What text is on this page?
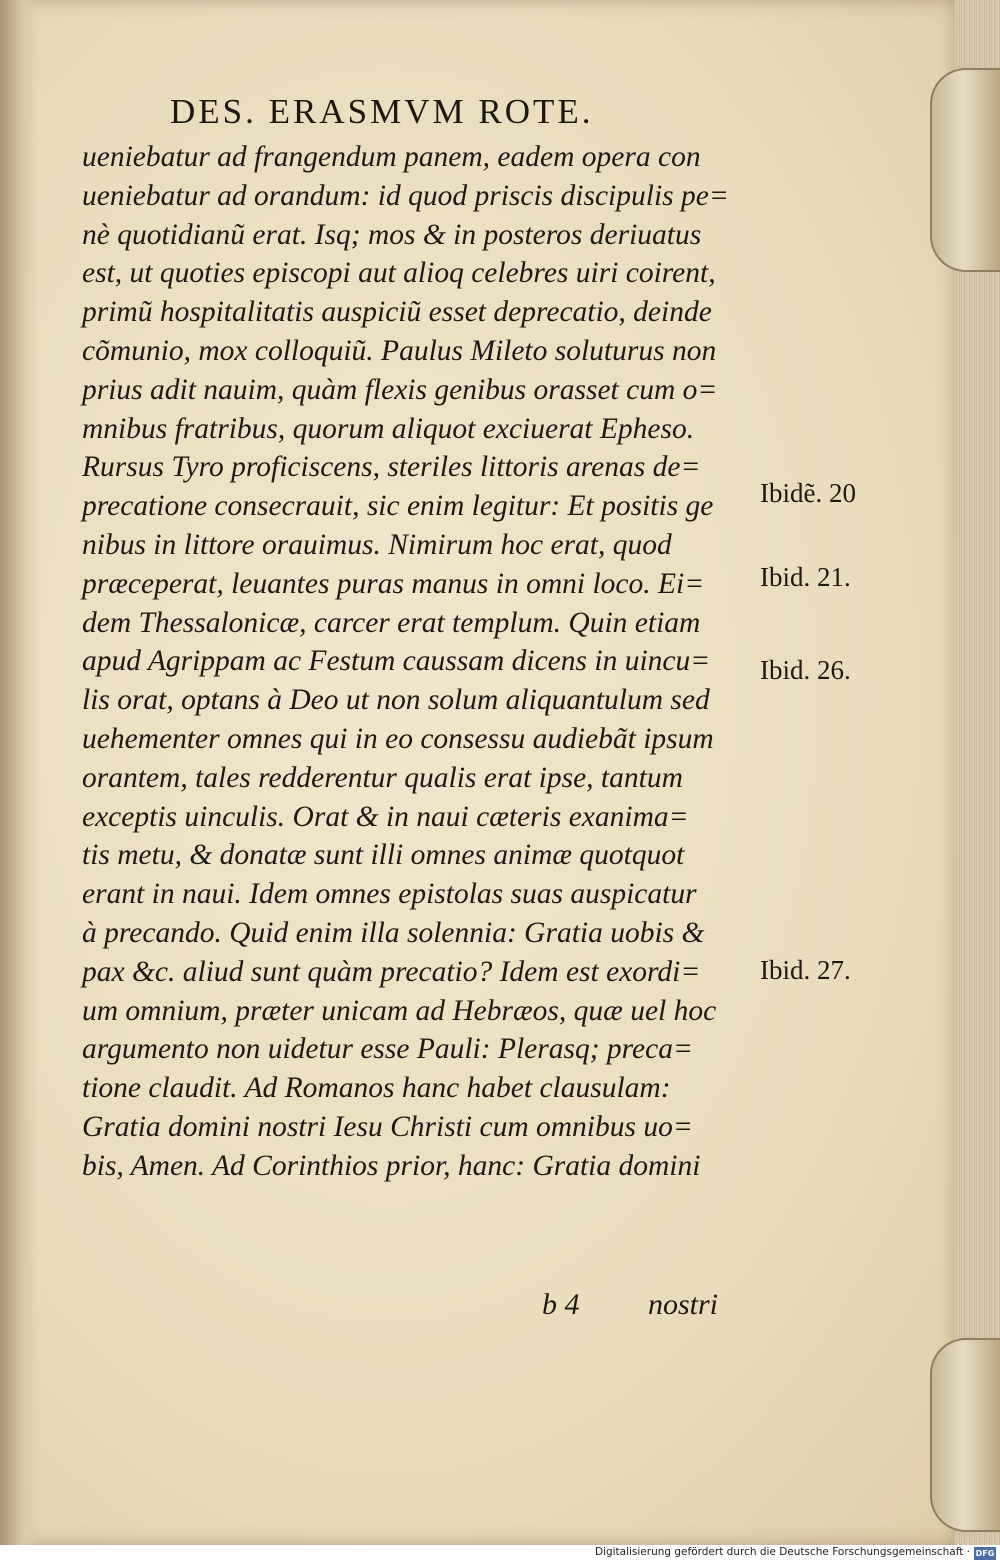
DES. ERASMVM ROTE.
ueniebatur ad frangendum panem, eadem opera con
ueniebatur ad orandum: id quod priscis discipulis pe=
nè quotidianũ erat. Isq; mos & in posteros deriuatus
est, ut quoties episcopi aut alioq celebres uiri coirent,
primũ hospitalitatis auspiciũ esset deprecatio, deinde
cõmunio, mox colloquiũ. Paulus Mileto soluturus non
prius adit nauim, quàm flexis genibus orasset cum o=
mnibus fratribus, quorum aliquot exciuerat Epheso.
Rursus Tyro proficiscens, steriles littoris arenas de=
precatione consecrauit, sic enim legitur: Et positis ge
nibus in littore orauimus. Nimirum hoc erat, quod
præceperat, leuantes puras manus in omni loco. Ei=
dem Thessalonicæ, carcer erat templum. Quin etiam
apud Agrippam ac Festum caussam dicens in uincu=
lis orat, optans à Deo ut non solum aliquantulum sed
uehementer omnes qui in eo consessu audiebãt ipsum
orantem, tales redderentur qualis erat ipse, tantum
exceptis uinculis. Orat & in naui cæteris exanima=
tis metu, & donatæ sunt illi omnes animæ quotquot
erant in naui. Idem omnes epistolas suas auspicatur
à precando. Quid enim illa solennia: Gratia uobis &
pax &c. aliud sunt quàm precatio? Idem est exordi=
um omnium, præter unicam ad Hebræos, quæ uel hoc
argumento non uidetur esse Pauli: Plerasq; preca=
tione claudit. Ad Romanos hanc habet clausulam:
Gratia domini nostri Iesu Christi cum omnibus uo=
bis, Amen. Ad Corinthios prior, hanc: Gratia domini
Ibidẽ. 20
Ibid. 21.
Ibid. 26.
Ibid. 27.
b 4 nostri
Digitalisierung gefördert durch die Deutsche Forschungsgemeinschaft · DFG
